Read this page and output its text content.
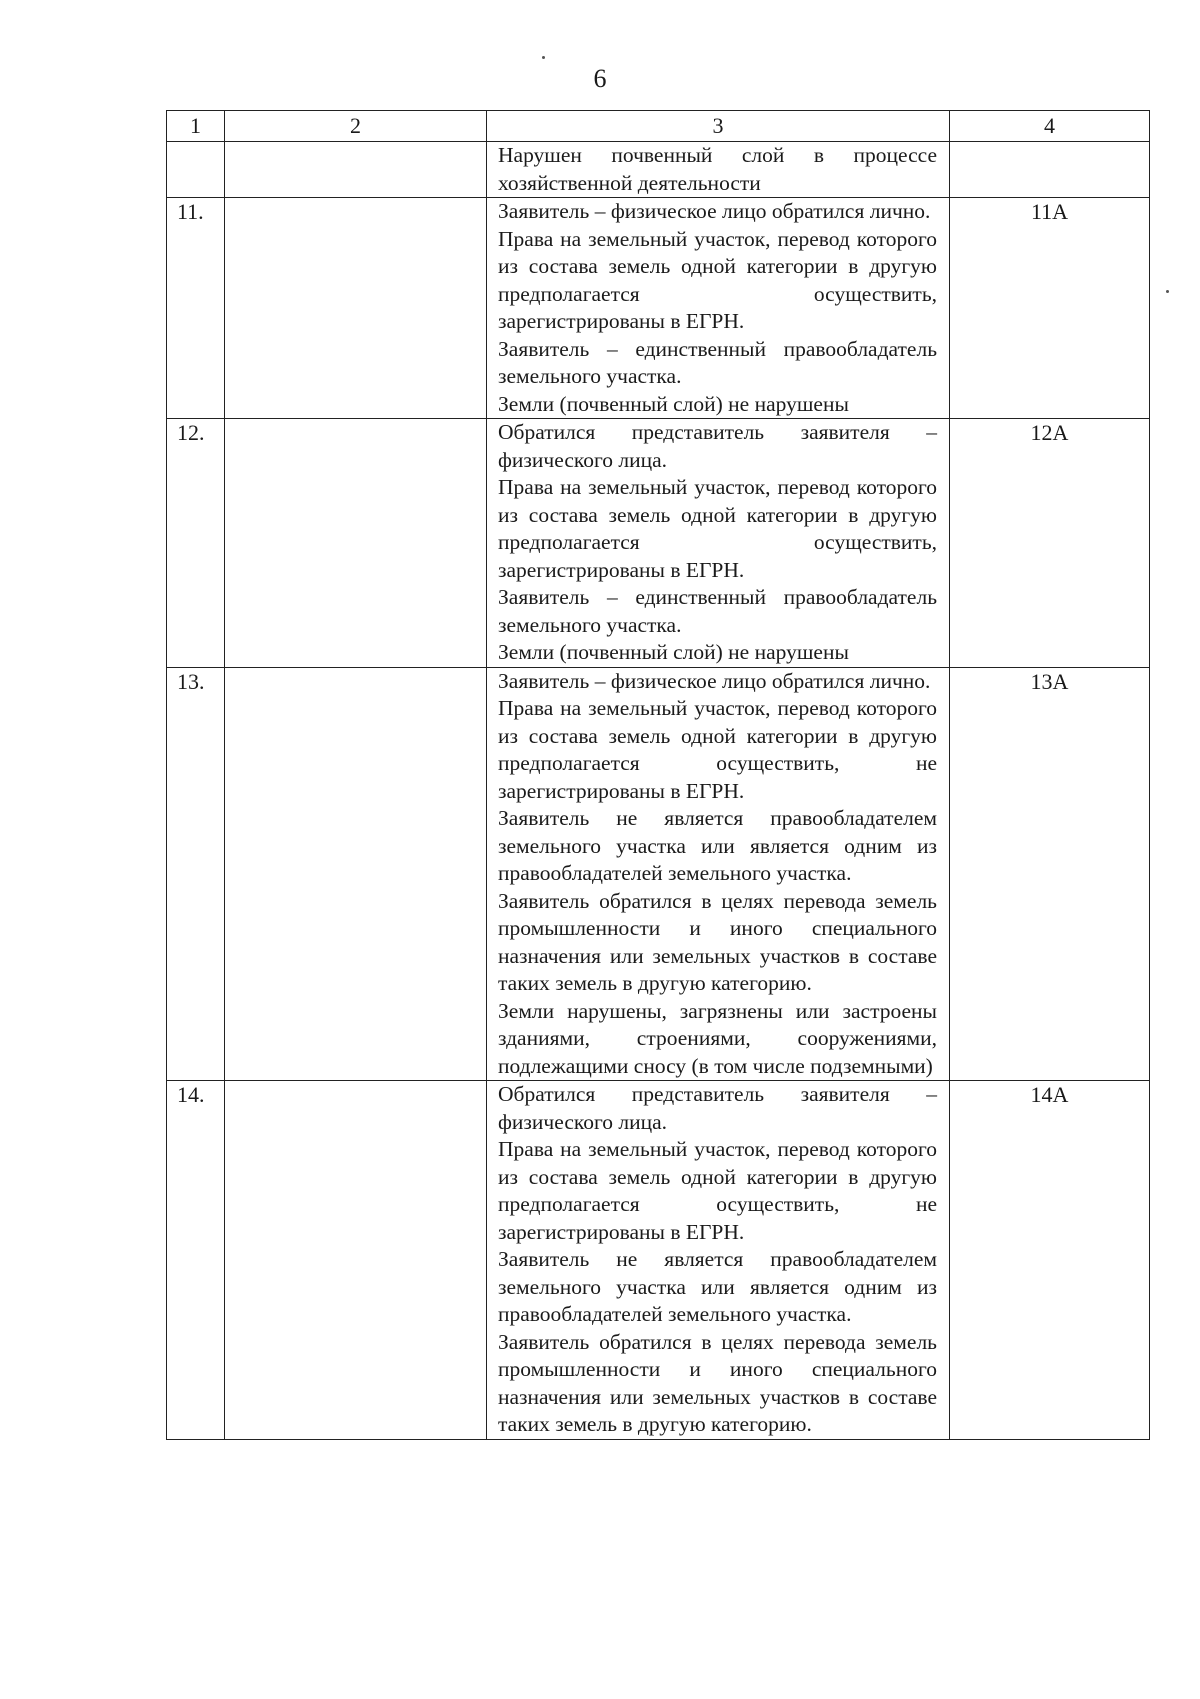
6
1	2	3	4

		Нарушен почвенный слой в процессе хозяйственной деятельности	

11.		Заявитель – физическое лицо обратился лично.

Права на земельный участок, перевод которого из состава земель одной категории в другую предполагается осуществить, зарегистрированы в ЕГРН.

Заявитель – единственный правообладатель земельного участка.

Земли (почвенный слой) не нарушены	11А
12.		Обратился представитель заявителя – физического лица.

Права на земельный участок, перевод которого из состава земель одной категории в другую предполагается осуществить, зарегистрированы в ЕГРН.

Заявитель – единственный правообладатель земельного участка.

Земли (почвенный слой) не нарушены	12А
13.		Заявитель – физическое лицо обратился лично.

Права на земельный участок, перевод которого из состава земель одной категории в другую предполагается осуществить, не зарегистрированы в ЕГРН.

Заявитель не является правообладателем земельного участка или является одним из правообладателей земельного участка.

Заявитель обратился в целях перевода земель промышленности и иного специального назначения или земельных участков в составе таких земель в другую категорию.

Земли нарушены, загрязнены или застроены зданиями, строениями, сооружениями, подлежащими сносу (в том числе подземными)	13А
14.		Обратился представитель заявителя – физического лица.

Права на земельный участок, перевод которого из состава земель одной категории в другую предполагается осуществить, не зарегистрированы в ЕГРН.

Заявитель не является правообладателем земельного участка или является одним из правообладателей земельного участка.

Заявитель обратился в целях перевода земель промышленности и иного специального назначения или земельных участков в составе таких земель в другую категорию.	14А
